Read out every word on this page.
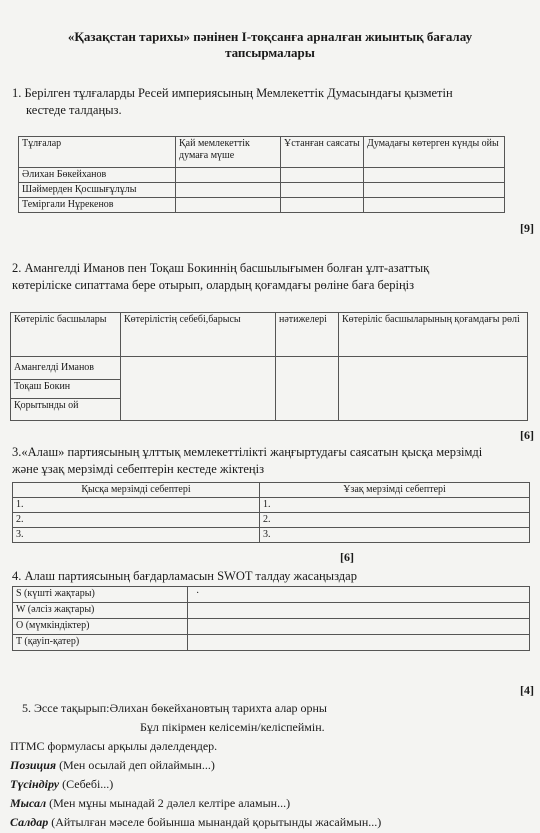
«Қазақстан тарихы» пәнінен І-тоқсанға арналған жиынтық бағалау
тапсырмалары
1. Берілген тұлғаларды Ресей империясының Мемлекеттік Думасындағы қызметін
кестеде талдаңыз.
Тұлғалар	Қай мемлекеттік думаға мүше	Ұстанған саясаты	Думадағы көтерген күнды ойы
Әлихан Бөкейханов			
Шәймерден Қосшығұлұлы			
Теміргали Нұрекенов			
[9]
2. Амангелді Иманов пен Тоқаш Бокиннің басшылығымен болған ұлт-азаттық
көтеріліске сипаттама бере отырып, олардың қоғамдағы рөліне баға беріңіз
Көтеріліс басшылары	Көтерілістің себебі,барысы	нәтижелері	Көтеріліс басшыларының қоғамдағы рөлі

Амангелді Иманов
Тоқаш Бокин
Қорытынды ой			

[6]
3.«Алаш» партиясының ұлттық мемлекеттілікті жаңғыртудағы саясатын қысқа мерзімді
және ұзақ мерзімді себептерін кестеде жіктеңіз
Қысқа мерзімді себептері	Ұзақ мерзімді себептері
1.	1.
2.	2.
3.	3.
[6]
4. Алаш партиясының бағдарламасын SWOT талдау жасаңыздар
S (күшті жақтары)	·
W (әлсіз жақтары)	
O (мүмкіндіктер)	
T (қауіп-қатер)	
[4]
5. Эссе тақырып:Әлихан бөкейхановтың тарихта алар орны
Бұл пікірмен келісемін/келіспеймін.
ПТМС формуласы арқылы дәлелдеңдер.
Позиция (Мен осылай деп ойлаймын...)
Түсіндіру (Себебі...)
Мысал (Мен мұны мынадай 2 дәлел келтіре аламын...)
Салдар (Айтылған мәселе бойынша мынандай қорытынды жасаймын...)
